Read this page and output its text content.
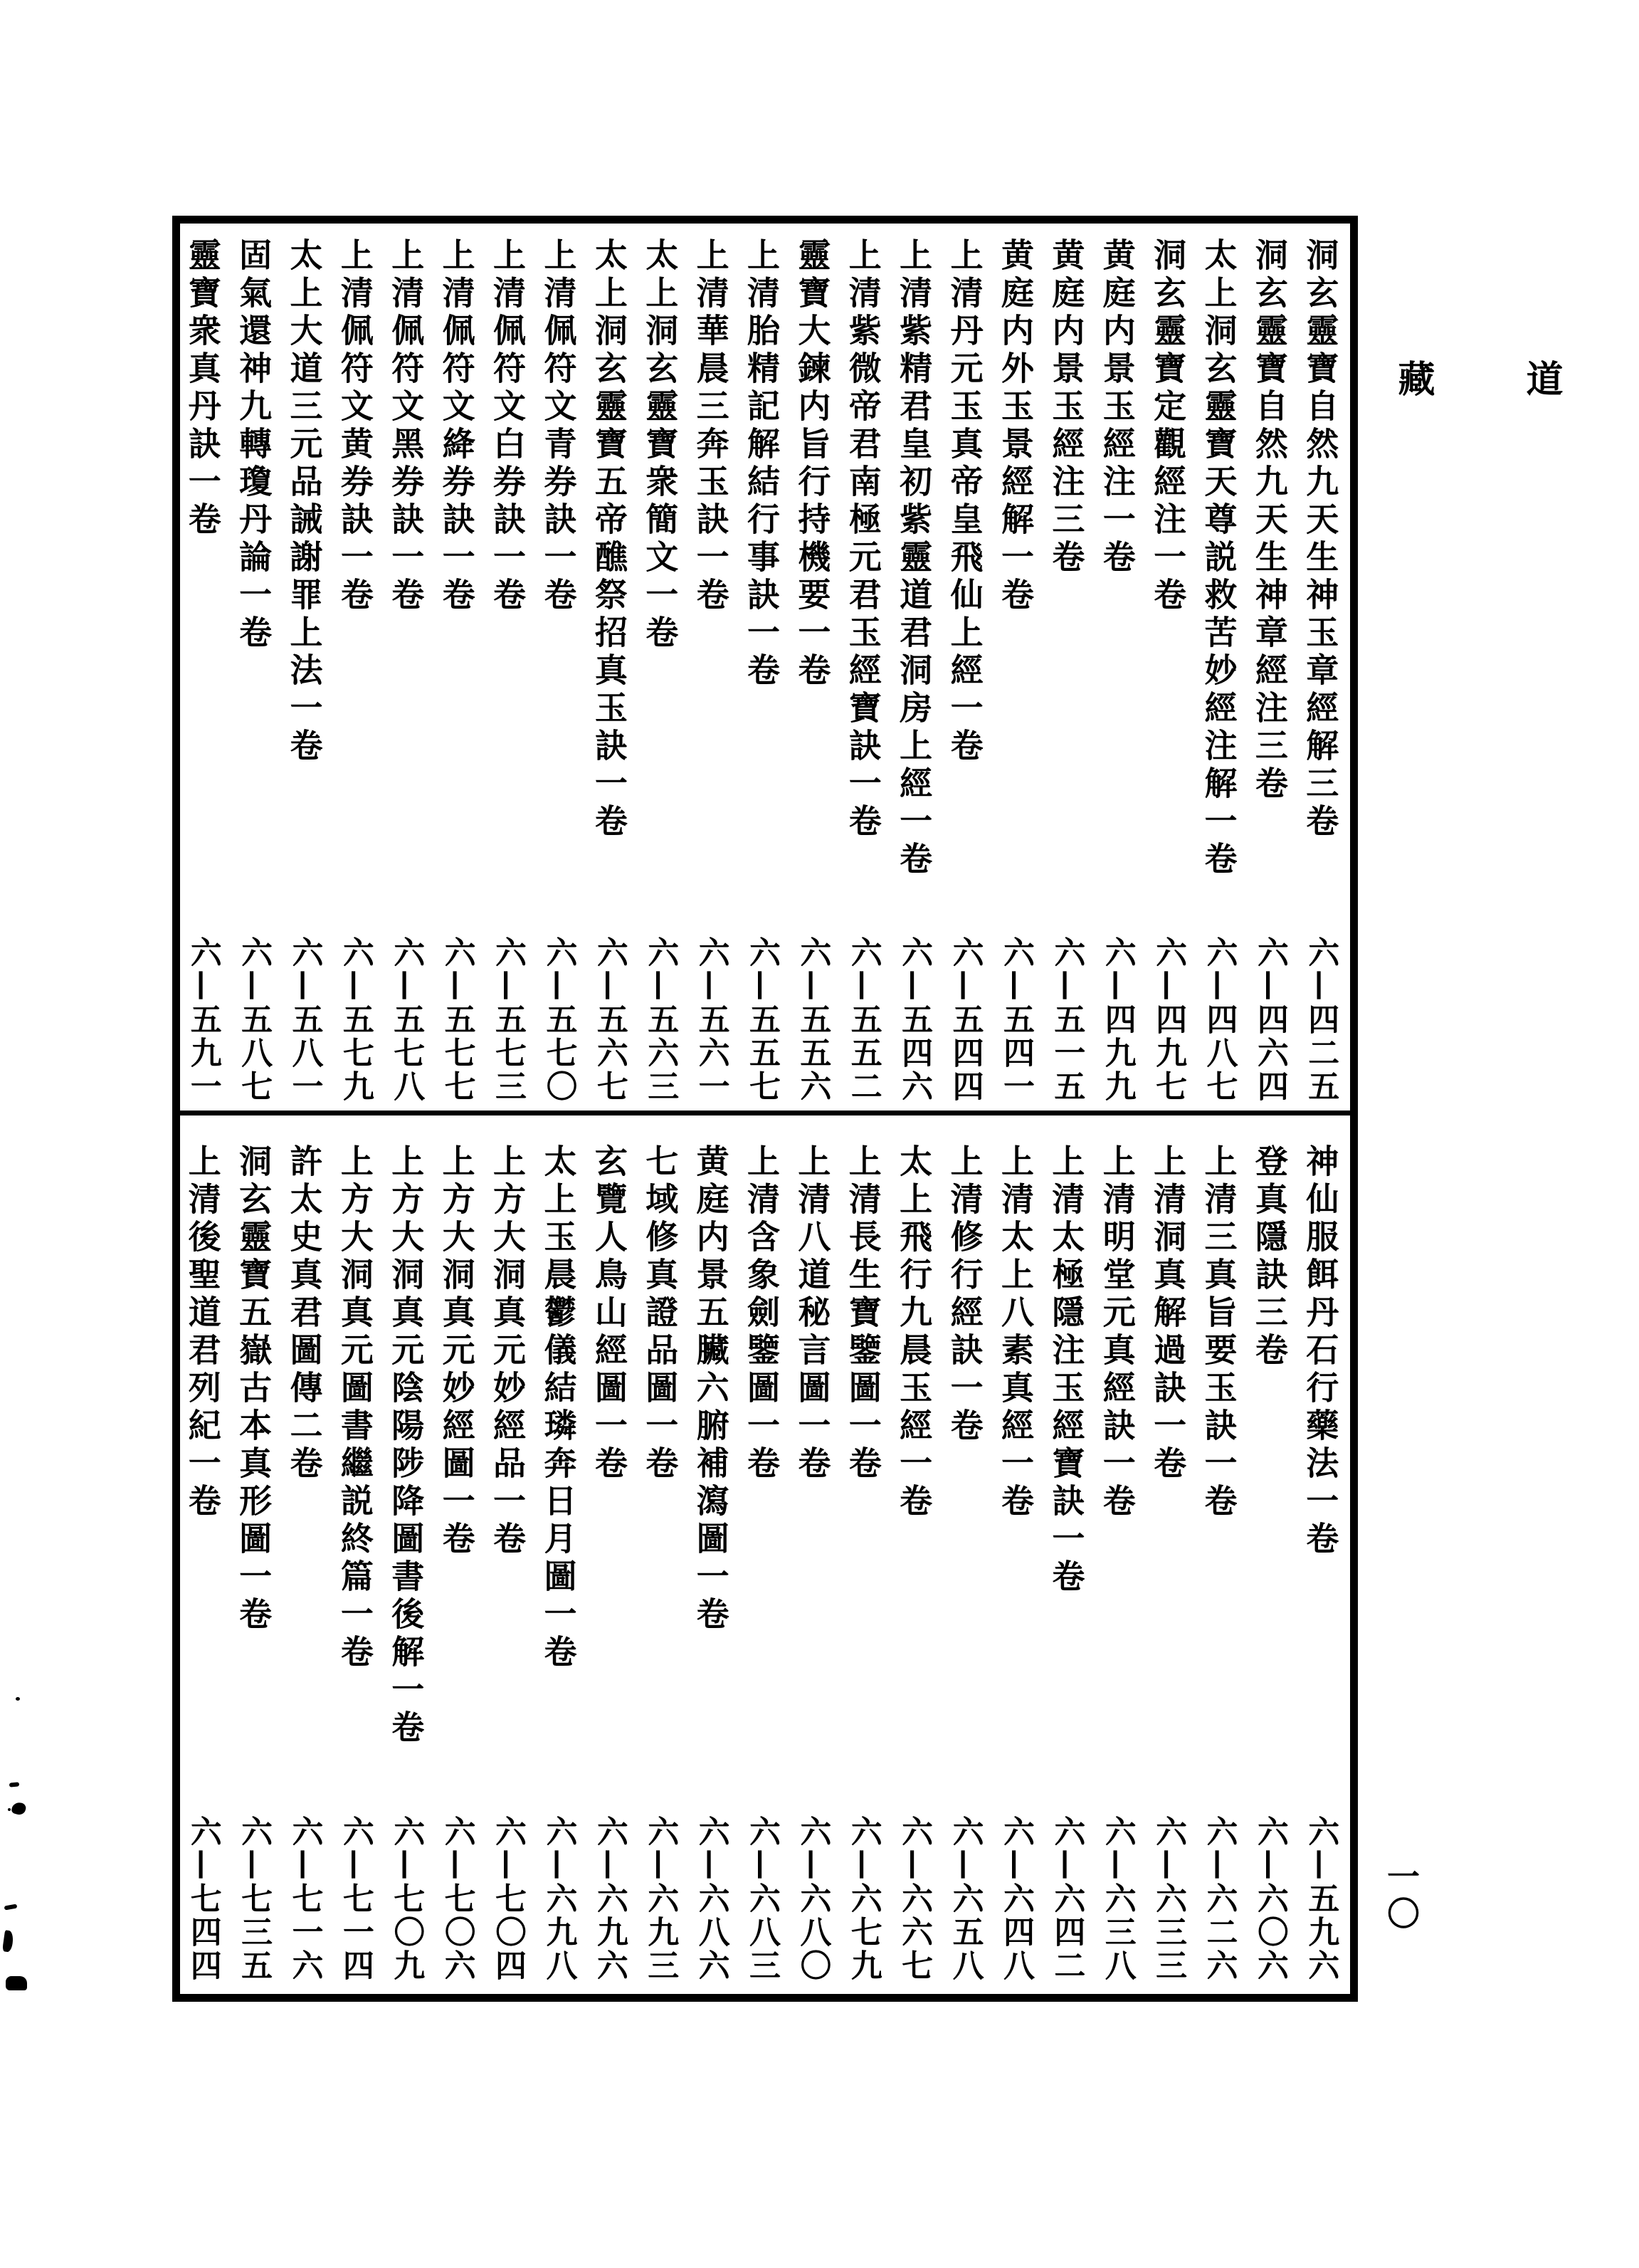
洞玄靈寶自然九天生神玉章經解三卷
六—四二五
洞玄靈寶自然九天生神章經注三卷
六—四六四
太上洞玄靈寶天尊説救苦妙經注解一卷
六—四八七
洞玄靈寶定觀經注一卷
六—四九七
黄庭内景玉經注一卷
六—四九九
黄庭内景玉經注三卷
六—五一五
黄庭内外玉景經解一卷
六—五四一
上清丹元玉真帝皇飛仙上經一卷
六—五四四
上清紫精君皇初紫靈道君洞房上經一卷
六—五四六
上清紫微帝君南極元君玉經寶訣一卷
六—五五二
靈寶大鍊内旨行持機要一卷
六—五五六
上清胎精記解結行事訣一卷
六—五五七
上清華晨三奔玉訣一卷
六—五六一
太上洞玄靈寶衆簡文一卷
六—五六三
太上洞玄靈寶五帝醮祭招真玉訣一卷
六—五六七
上清佩符文青券訣一卷
六—五七〇
上清佩符文白券訣一卷
六—五七三
上清佩符文絳券訣一卷
六—五七七
上清佩符文黑券訣一卷
六—五七八
上清佩符文黄券訣一卷
六—五七九
太上大道三元品誡謝罪上法一卷
六—五八一
固氣還神九轉瓊丹論一卷
六—五八七
靈寶衆真丹訣一卷
六—五九一
神仙服餌丹石行藥法一卷
六—五九六
登真隱訣三卷
六—六〇六
上清三真旨要玉訣一卷
六—六二六
上清洞真解過訣一卷
六—六三三
上清明堂元真經訣一卷
六—六三八
上清太極隱注玉經寶訣一卷
六—六四二
上清太上八素真經一卷
六—六四八
上清修行經訣一卷
六—六五八
太上飛行九晨玉經一卷
六—六六七
上清長生寶鑒圖一卷
六—六七九
上清八道秘言圖一卷
六—六八〇
上清含象劍鑒圖一卷
六—六八三
黄庭内景五臟六腑補瀉圖一卷
六—六八六
七域修真證品圖一卷
六—六九三
玄覽人鳥山經圖一卷
六—六九六
太上玉晨鬱儀結璘奔日月圖一卷
六—六九八
上方大洞真元妙經品一卷
六—七〇四
上方大洞真元妙經圖一卷
六—七〇六
上方大洞真元陰陽陟降圖書後解一卷
六—七〇九
上方大洞真元圖書繼説終篇一卷
六—七一四
許太史真君圖傳二卷
六—七一六
洞玄靈寶五嶽古本真形圖一卷
六—七三五
上清後聖道君列紀一卷
六—七四四
道
藏
一〇
